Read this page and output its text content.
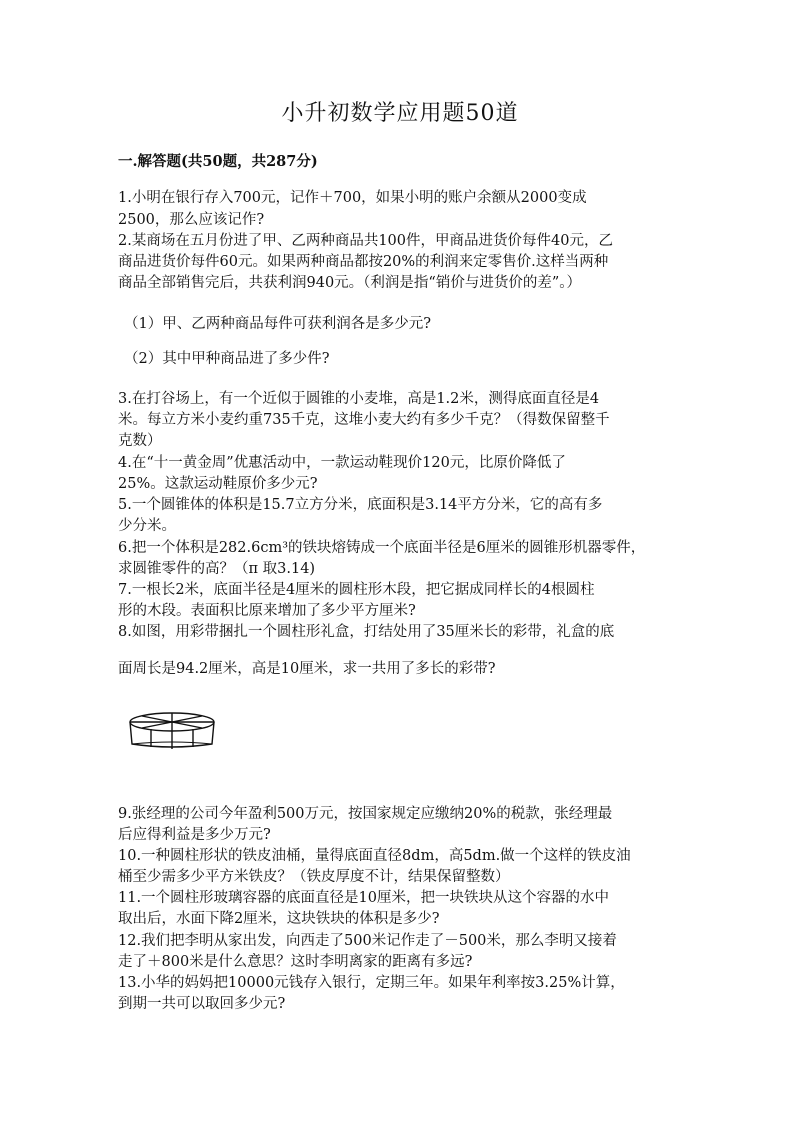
小升初数学应用题50道
一.解答题(共50题，共287分)
1.小明在银行存入700元，记作＋700，如果小明的账户余额从2000变成
2500，那么应该记作?
2.某商场在五月份进了甲、乙两种商品共100件，甲商品进货价每件40元，乙
商品进货价每件60元。如果两种商品都按20%的利润来定零售价.这样当两种
商品全部销售完后，共获利润940元。（利润是指“销价与进货价的差”。）
（1）甲、乙两种商品每件可获利润各是多少元?
（2）其中甲种商品进了多少件?
3.在打谷场上，有一个近似于圆锥的小麦堆，高是1.2米，测得底面直径是4
米。每立方米小麦约重735千克，这堆小麦大约有多少千克？（得数保留整千
克数）
4.在“十一黄金周”优惠活动中，一款运动鞋现价120元，比原价降低了
25%。这款运动鞋原价多少元?
5.一个圆锥体的体积是15.7立方分米，底面积是3.14平方分米，它的高有多
少分米。
6.把一个体积是282.6cm³的铁块熔铸成一个底面半径是6厘米的圆锥形机器零件，
求圆锥零件的高？（π 取3.14)
7.一根长2米，底面半径是4厘米的圆柱形木段，把它据成同样长的4根圆柱
形的木段。表面积比原来增加了多少平方厘米?
8.如图，用彩带捆扎一个圆柱形礼盒，打结处用了35厘米长的彩带，礼盒的底
面周长是94.2厘米，高是10厘米，求一共用了多长的彩带?
9.张经理的公司今年盈利500万元，按国家规定应缴纳20%的税款，张经理最
后应得利益是多少万元?
10.一种圆柱形状的铁皮油桶，量得底面直径8dm，高5dm.做一个这样的铁皮油
桶至少需多少平方米铁皮？（铁皮厚度不计，结果保留整数）
11.一个圆柱形玻璃容器的底面直径是10厘米，把一块铁块从这个容器的水中
取出后，水面下降2厘米，这块铁块的体积是多少?
12.我们把李明从家出发，向西走了500米记作走了－500米，那么李明又接着
走了＋800米是什么意思？这时李明离家的距离有多远?
13.小华的妈妈把10000元钱存入银行，定期三年。如果年利率按3.25%计算，
到期一共可以取回多少元?
